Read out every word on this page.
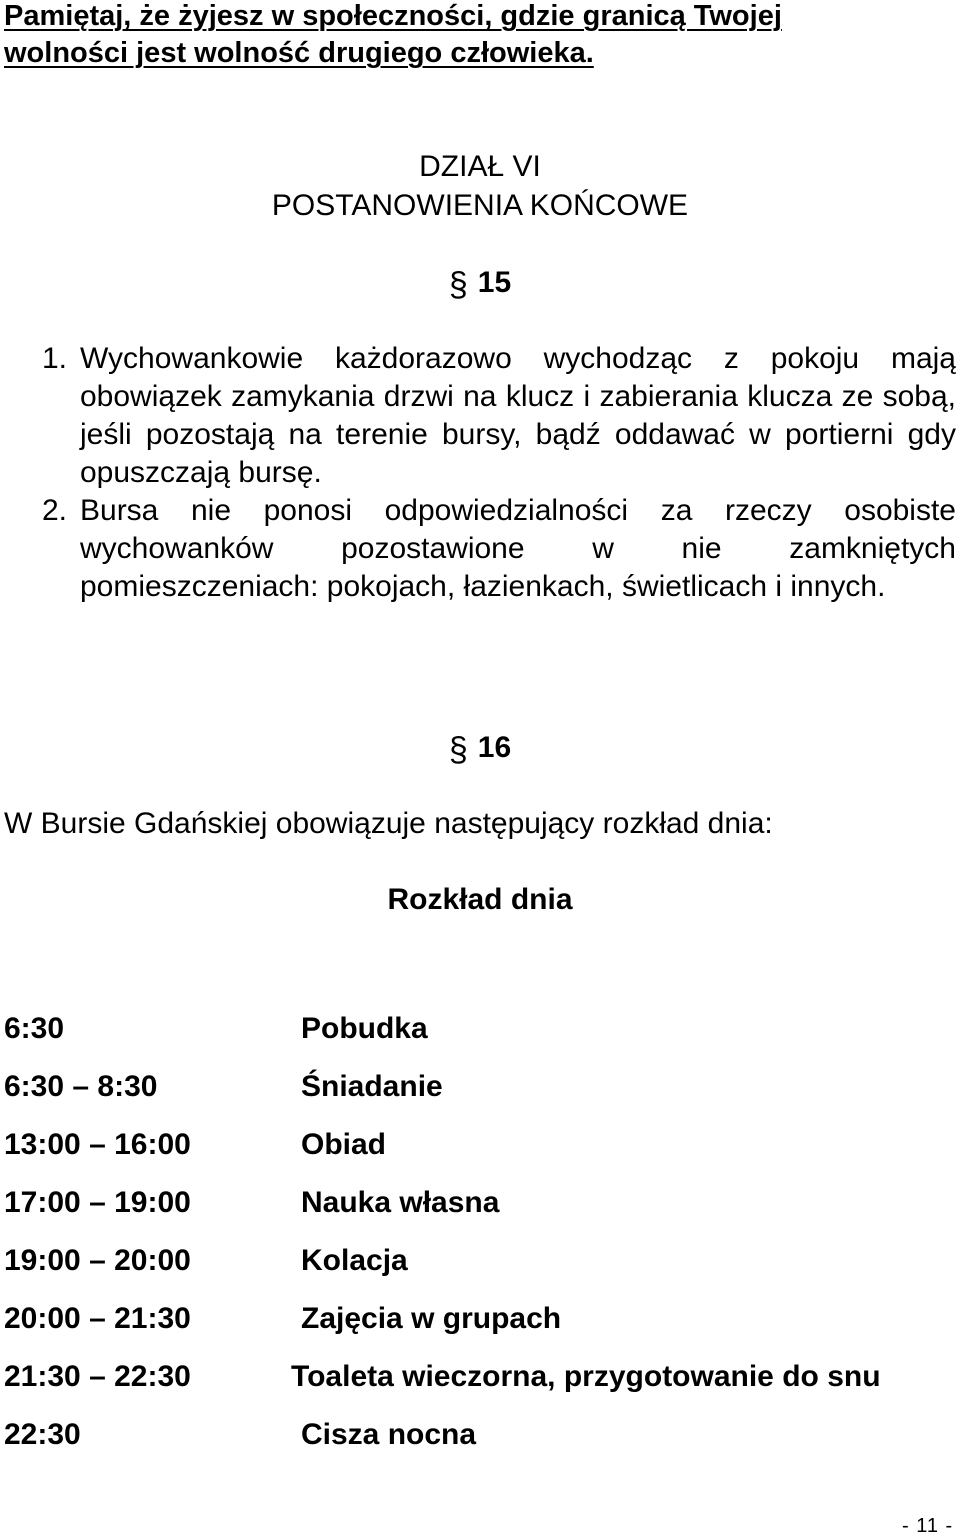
Pamiętaj, że żyjesz w społeczności, gdzie granicą Twojej
wolności jest wolność drugiego człowieka.
DZIAŁ VI
POSTANOWIENIA KOŃCOWE
§ 15
1. Wychowankowie każdorazowo wychodząc z pokoju mają obowiązek zamykania drzwi na klucz i zabierania klucza ze sobą, jeśli pozostają na terenie bursy, bądź oddawać w portierni gdy opuszczają bursę.
2. Bursa nie ponosi odpowiedzialności za rzeczy osobiste wychowanków pozostawione w nie zamkniętych pomieszczeniach: pokojach, łazienkach, świetlicach i innych.
§ 16
W Bursie Gdańskiej obowiązuje następujący rozkład dnia:
Rozkład dnia
6:30	Pobudka
6:30 – 8:30	Śniadanie
13:00 – 16:00	Obiad
17:00 – 19:00	Nauka własna
19:00 – 20:00	Kolacja
20:00 – 21:30	Zajęcia w grupach
21:30 – 22:30	Toaleta wieczorna, przygotowanie do snu
22:30	Cisza nocna
- 11 -
